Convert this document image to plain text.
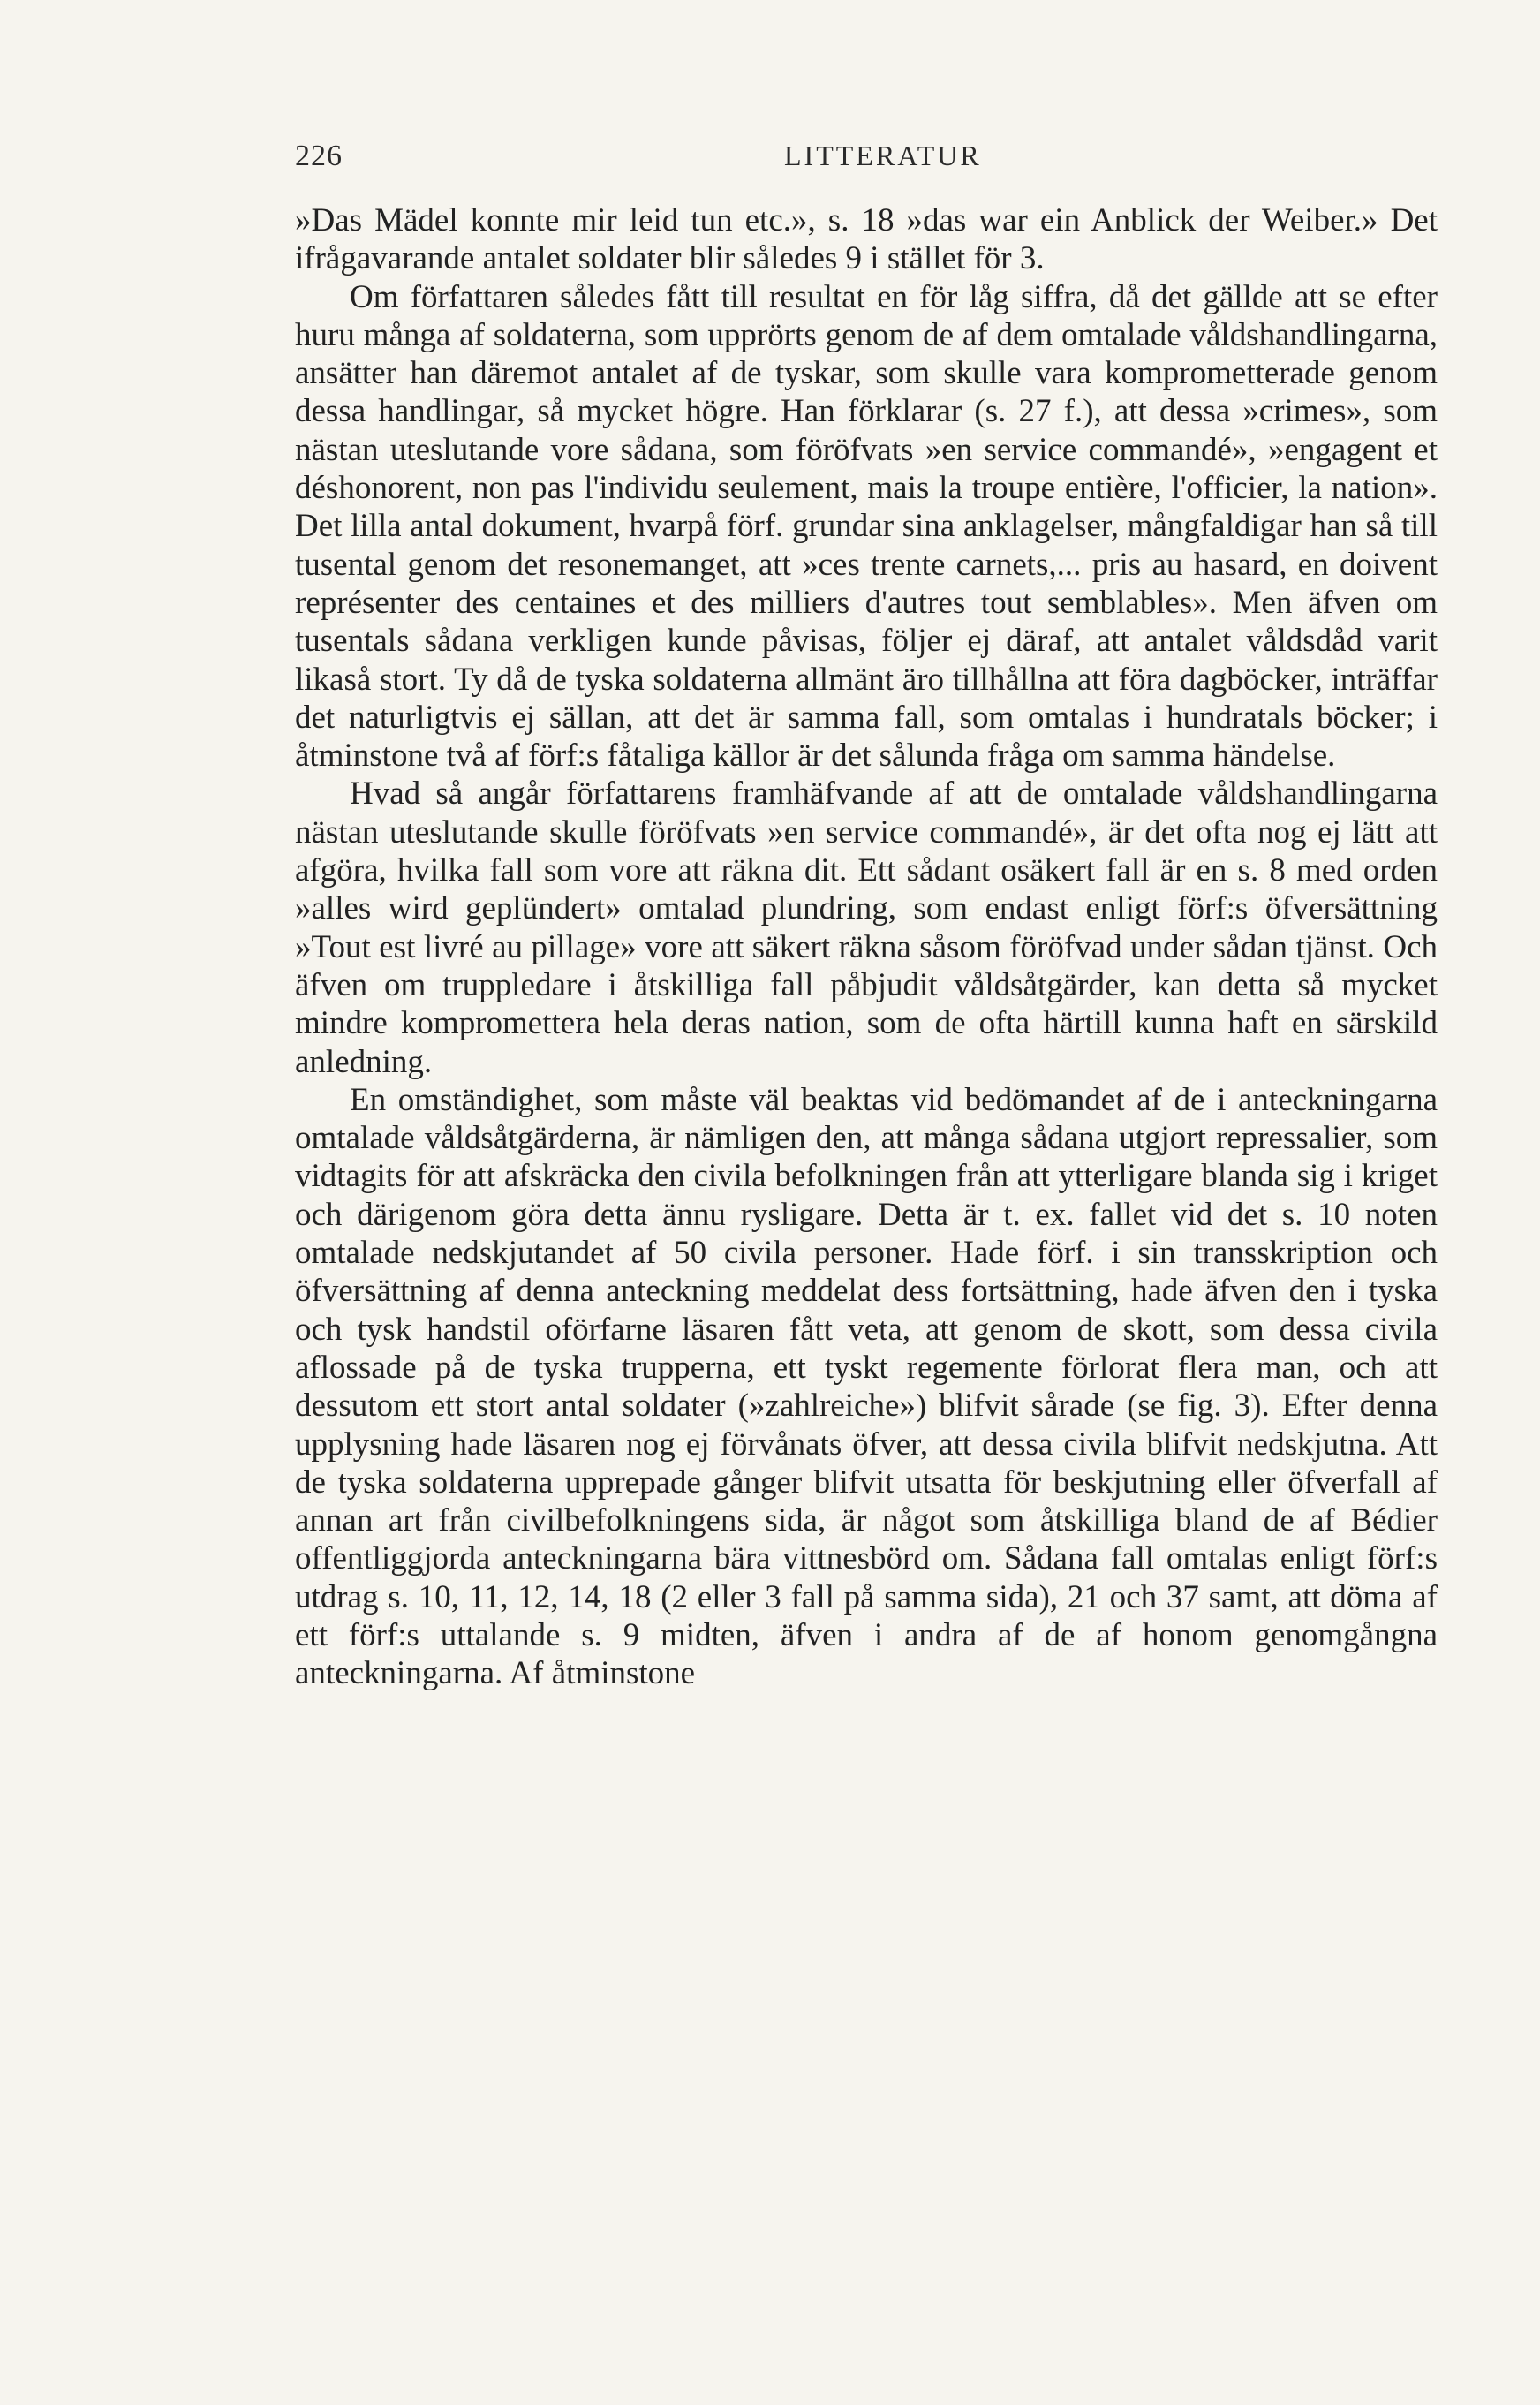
226	LITTERATUR

»Das Mädel konnte mir leid tun etc.», s. 18 »das war ein Anblick der Weiber.» Det ifrågavarande antalet soldater blir således 9 i stället för 3.

Om författaren således fått till resultat en för låg siffra, då det gällde att se efter huru många af soldaterna, som upprörts genom de af dem omtalade våldshandlingarna, ansätter han däremot antalet af de tyskar, som skulle vara komprometterade genom dessa handlingar, så mycket högre. Han förklarar (s. 27 f.), att dessa »crimes», som nästan uteslutande vore sådana, som föröfvats »en service commandé», »engagent et déshonorent, non pas l'individu seulement, mais la troupe entière, l'officier, la nation». Det lilla antal dokument, hvarpå förf. grundar sina anklagelser, mångfaldigar han så till tusental genom det resonemanget, att »ces trente carnets,... pris au hasard, en doivent représenter des centaines et des milliers d'autres tout semblables». Men äfven om tusentals sådana verkligen kunde påvisas, följer ej däraf, att antalet våldsdåd varit likaså stort. Ty då de tyska soldaterna allmänt äro tillhållna att föra dagböcker, inträffar det naturligtvis ej sällan, att det är samma fall, som omtalas i hundratals böcker; i åtminstone två af förf:s fåtaliga källor är det sålunda fråga om samma händelse.

Hvad så angår författarens framhäfvande af att de omtalade våldshandlingarna nästan uteslutande skulle föröfvats »en service commandé», är det ofta nog ej lätt att afgöra, hvilka fall som vore att räkna dit. Ett sådant osäkert fall är en s. 8 med orden »alles wird geplündert» omtalad plundring, som endast enligt förf:s öfversättning »Tout est livré au pillage» vore att säkert räkna såsom föröfvad under sådan tjänst. Och äfven om truppledare i åtskilliga fall påbjudit våldsåtgärder, kan detta så mycket mindre komprometterа hela deras nation, som de ofta härtill kunna haft en särskild anledning.

En omständighet, som måste väl beaktas vid bedömandet af de i anteckningarna omtalade våldsåtgärderna, är nämligen den, att många sådana utgjort repressalier, som vidtagits för att afskräcka den civila befolkningen från att ytterligare blanda sig i kriget och därigenom göra detta ännu rysligare. Detta är t. ex. fallet vid det s. 10 noten omtalade nedskjutandet af 50 civila personer. Hade förf. i sin transskription och öfversättning af denna anteckning meddelat dess fortsättning, hade äfven den i tyska och tysk handstil oförfarne läsaren fått veta, att genom de skott, som dessa civila aflossade på de tyska trupperna, ett tyskt regemente förlorat flera man, och att dessutom ett stort antal soldater (»zahlreiche») blifvit sårade (se fig. 3). Efter denna upplysning hade läsaren nog ej förvånats öfver, att dessa civila blifvit nedskjutna. Att de tyska soldaterna upprepade gånger blifvit utsatta för beskjutning eller öfverfall af annan art från civilbefolkningens sida, är något som åtskilliga bland de af Bédier offentliggjorda anteckningarna bära vittnesbörd om. Sådana fall omtalas enligt förf:s utdrag s. 10, 11, 12, 14, 18 (2 eller 3 fall på samma sida), 21 och 37 samt, att döma af ett förf:s uttalande s. 9 midten, äfven i andra af de af honom genomgångna anteckningarna. Af åtminstone
